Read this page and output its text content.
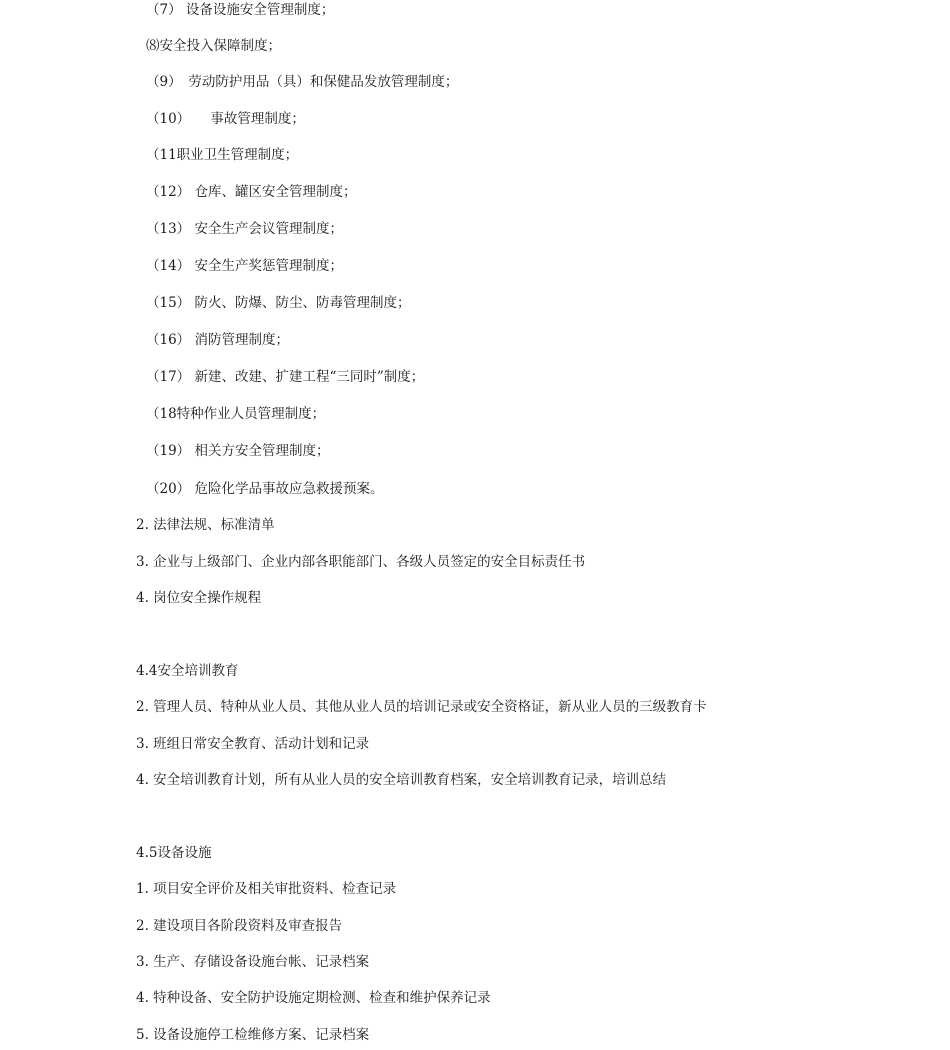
（7） 设备设施安全管理制度；

⑻安全投入保障制度；

（9）　劳动防护用品（具）和保健品发放管理制度；

（10）　　事故管理制度；

（11职业卫生管理制度；

（12） 仓库、罐区安全管理制度；

（13） 安全生产会议管理制度；

（14） 安全生产奖惩管理制度；

（15） 防火、防爆、防尘、防毒管理制度；

（16） 消防管理制度；

（17） 新建、改建、扩建工程“三同时”制度；

（18特种作业人员管理制度；

（19） 相关方安全管理制度；

（20） 危险化学品事故应急救援预案。

2. 法律法规、标准清单

3. 企业与上级部门、企业内部各职能部门、各级人员签定的安全目标责任书

4. 岗位安全操作规程

4.4安全培训教育

2. 管理人员、特种从业人员、其他从业人员的培训记录或安全资格证，新从业人员的三级教育卡

3. 班组日常安全教育、活动计划和记录

4. 安全培训教育计划，所有从业人员的安全培训教育档案，安全培训教育记录，培训总结

4.5设备设施

1. 项目安全评价及相关审批资料、检查记录

2. 建设项目各阶段资料及审查报告

3. 生产、存储设备设施台帐、记录档案

4. 特种设备、安全防护设施定期检测、检查和维护保养记录

5. 设备设施停工检维修方案、记录档案
